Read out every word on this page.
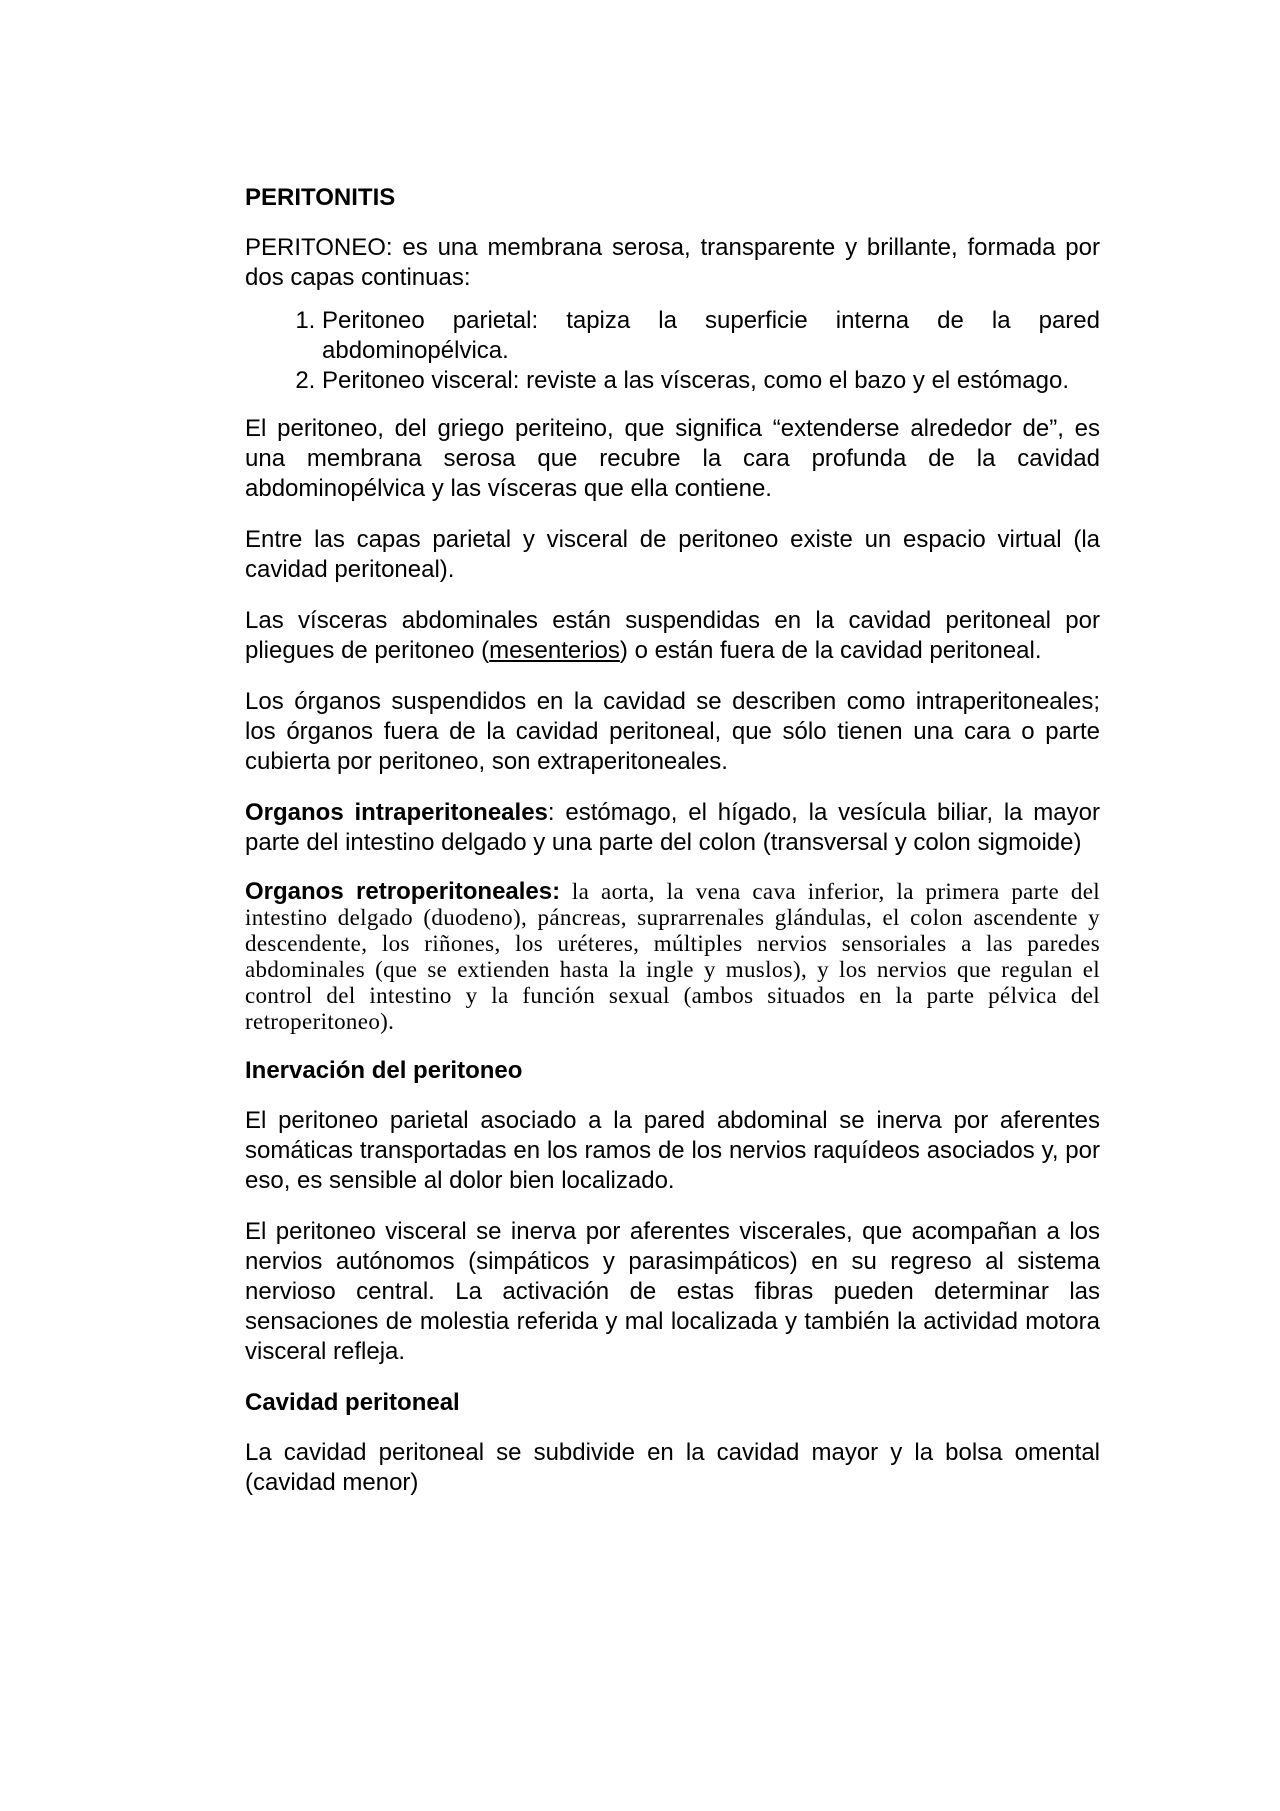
PERITONITIS

PERITONEO: es una membrana serosa, transparente y brillante, formada por dos capas continuas:

1. Peritoneo parietal: tapiza la superficie interna de la pared abdominopélvica.
2. Peritoneo visceral: reviste a las vísceras, como el bazo y el estómago.

El peritoneo, del griego periteino, que significa “extenderse alrededor de”, es una membrana serosa que recubre la cara profunda de la cavidad abdominopélvica y las vísceras que ella contiene.

Entre las capas parietal y visceral de peritoneo existe un espacio virtual (la cavidad peritoneal).

Las vísceras abdominales están suspendidas en la cavidad peritoneal por pliegues de peritoneo (mesenterios) o están fuera de la cavidad peritoneal.

Los órganos suspendidos en la cavidad se describen como intraperitoneales; los órganos fuera de la cavidad peritoneal, que sólo tienen una cara o parte cubierta por peritoneo, son extraperitoneales.

Organos intraperitoneales: estómago, el hígado, la vesícula biliar, la mayor parte del intestino delgado y una parte del colon (transversal y colon sigmoide)

Organos retroperitoneales: la aorta, la vena cava inferior, la primera parte del intestino delgado (duodeno), páncreas, suprarrenales glándulas, el colon ascendente y descendente, los riñones, los uréteres, múltiples nervios sensoriales a las paredes abdominales (que se extienden hasta la ingle y muslos), y los nervios que regulan el control del intestino y la función sexual (ambos situados en la parte pélvica del retroperitoneo).

Inervación del peritoneo

El peritoneo parietal asociado a la pared abdominal se inerva por aferentes somáticas transportadas en los ramos de los nervios raquídeos asociados y, por eso, es sensible al dolor bien localizado.

El peritoneo visceral se inerva por aferentes viscerales, que acompañan a los nervios autónomos (simpáticos y parasimpáticos) en su regreso al sistema nervioso central. La activación de estas fibras pueden determinar las sensaciones de molestia referida y mal localizada y también la actividad motora visceral refleja.

Cavidad peritoneal

La cavidad peritoneal se subdivide en la cavidad mayor y la bolsa omental (cavidad menor)
